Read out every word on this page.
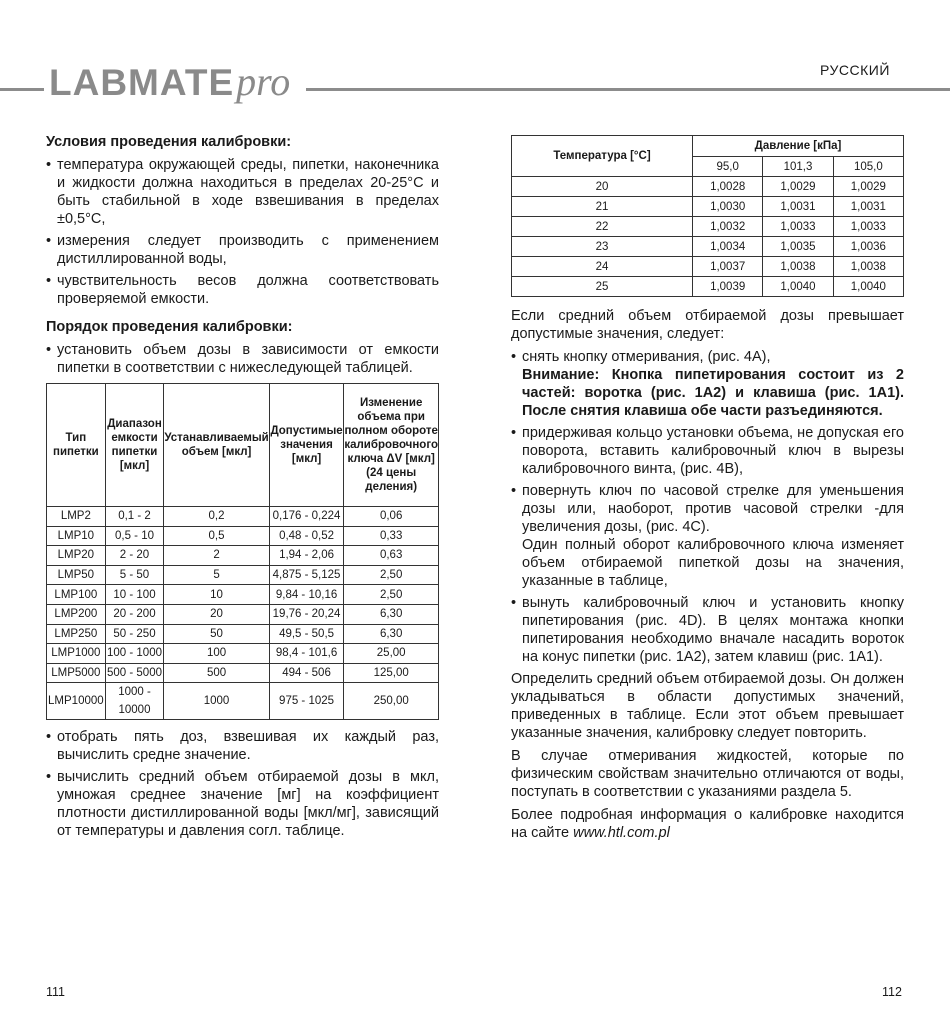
LABMATEpro	РУССКИЙ
Условия проведения калибровки:
• температура окружающей среды, пипетки, наконечника и жидкости должна находиться в пределах 20-25°C и быть стабильной в ходе взвешивания в пределах ±0,5°C,
• измерения следует производить с применением дистиллированной воды,
• чувствительность весов должна соответствовать проверяемой емкости.
Порядок проведения калибровки:
• установить объем дозы в зависимости от емкости пипетки в соответствии с нижеследующей таблицей.
Тип пипетки	Диапазон емкости пипетки [мкл]	Устанавливаемый объем [мкл]	Допустимые значения [мкл]	Изменение объема при полном обороте калибровочного ключа ΔV [мкл] (24 цены деления)
LMP2	0,1 - 2	0,2	0,176 - 0,224	0,06
LMP10	0,5 - 10	0,5	0,48 - 0,52	0,33
LMP20	2 - 20	2	1,94 - 2,06	0,63
LMP50	5 - 50	5	4,875 - 5,125	2,50
LMP100	10 - 100	10	9,84 - 10,16	2,50
LMP200	20 - 200	20	19,76 - 20,24	6,30
LMP250	50 - 250	50	49,5 - 50,5	6,30
LMP1000	100 - 1000	100	98,4 - 101,6	25,00
LMP5000	500 - 5000	500	494 - 506	125,00
LMP10000	1000 - 10000	1000	975 - 1025	250,00
• отобрать пять доз, взвешивая их каждый раз, вычислить средне значение.
• вычислить средний объем отбираемой дозы в мкл, умножая среднее значение [мг] на коэффициент плотности дистиллированной воды [мкл/мг], зависящий от температуры и давления согл. таблице.
Температура [°C]	Давление [кПа]		
	95,0	101,3	105,0
20	1,0028	1,0029	1,0029
21	1,0030	1,0031	1,0031
22	1,0032	1,0033	1,0033
23	1,0034	1,0035	1,0036
24	1,0037	1,0038	1,0038
25	1,0039	1,0040	1,0040

Если средний объем отбираемой дозы превышает допустимые значения, следует:

• снять кнопку отмеривания, (рис. 4A),
Внимание: Кнопка пипетирования состоит из 2 частей: воротка (рис. 1A2) и клавиша (рис. 1A1). После снятия клавиша обе части разъединяются.
• придерживая кольцо установки объема, не допуская его поворота, вставить калибровочный ключ в вырезы калибровочного винта, (рис. 4B),
• повернуть ключ по часовой стрелке для уменьшения дозы или, наоборот, против часовой стрелки -для увеличения дозы, (рис. 4C).
Один полный оборот калибровочного ключа изменяет объем отбираемой пипеткой дозы на значения, указанные в таблице,
• вынуть калибровочный ключ и установить кнопку пипетирования (рис. 4D). В целях монтажа кнопки пипетирования необходимо вначале насадить вороток на конус пипетки (рис. 1A2), затем клавиш (рис. 1A1).

Определить средний объем отбираемой дозы. Он должен укладываться в области допустимых значений, приведенных в таблице. Если этот объем превышает указанные значения, калибровку следует повторить.

В случае отмеривания жидкостей, которые по физическим свойствам значительно отличаются от воды, поступать в соответствии с указаниями раздела 5.

Более подробная информация о калибровке находится на сайте www.htl.com.pl

111	112
